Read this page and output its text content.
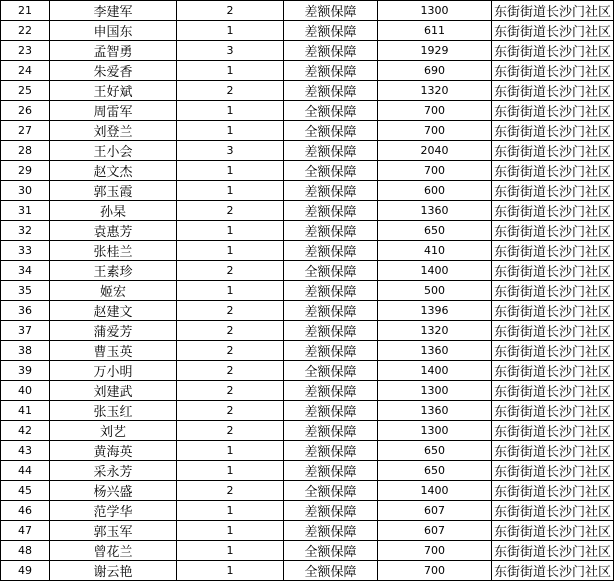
21	李建军	2	差额保障	1300	东街街道长沙门社区
22	申国东	1	差额保障	611	东街街道长沙门社区
23	孟智勇	3	差额保障	1929	东街街道长沙门社区
24	朱爱香	1	差额保障	690	东街街道长沙门社区
25	王好斌	2	差额保障	1320	东街街道长沙门社区
26	周雷军	1	全额保障	700	东街街道长沙门社区
27	刘登兰	1	全额保障	700	东街街道长沙门社区
28	王小会	3	差额保障	2040	东街街道长沙门社区
29	赵文杰	1	全额保障	700	东街街道长沙门社区
30	郭玉霞	1	差额保障	600	东街街道长沙门社区
31	孙杲	2	差额保障	1360	东街街道长沙门社区
32	袁惠芳	1	差额保障	650	东街街道长沙门社区
33	张桂兰	1	差额保障	410	东街街道长沙门社区
34	王素珍	2	全额保障	1400	东街街道长沙门社区
35	姬宏	1	差额保障	500	东街街道长沙门社区
36	赵建文	2	差额保障	1396	东街街道长沙门社区
37	蒲爱芳	2	差额保障	1320	东街街道长沙门社区
38	曹玉英	2	差额保障	1360	东街街道长沙门社区
39	万小明	2	全额保障	1400	东街街道长沙门社区
40	刘建武	2	差额保障	1300	东街街道长沙门社区
41	张玉红	2	差额保障	1360	东街街道长沙门社区
42	刘艺	2	差额保障	1300	东街街道长沙门社区
43	黄海英	1	差额保障	650	东街街道长沙门社区
44	采永芳	1	差额保障	650	东街街道长沙门社区
45	杨兴盛	2	全额保障	1400	东街街道长沙门社区
46	范学华	1	差额保障	607	东街街道长沙门社区
47	郭玉军	1	差额保障	607	东街街道长沙门社区
48	曾花兰	1	全额保障	700	东街街道长沙门社区
49	谢云艳	1	全额保障	700	东街街道长沙门社区
